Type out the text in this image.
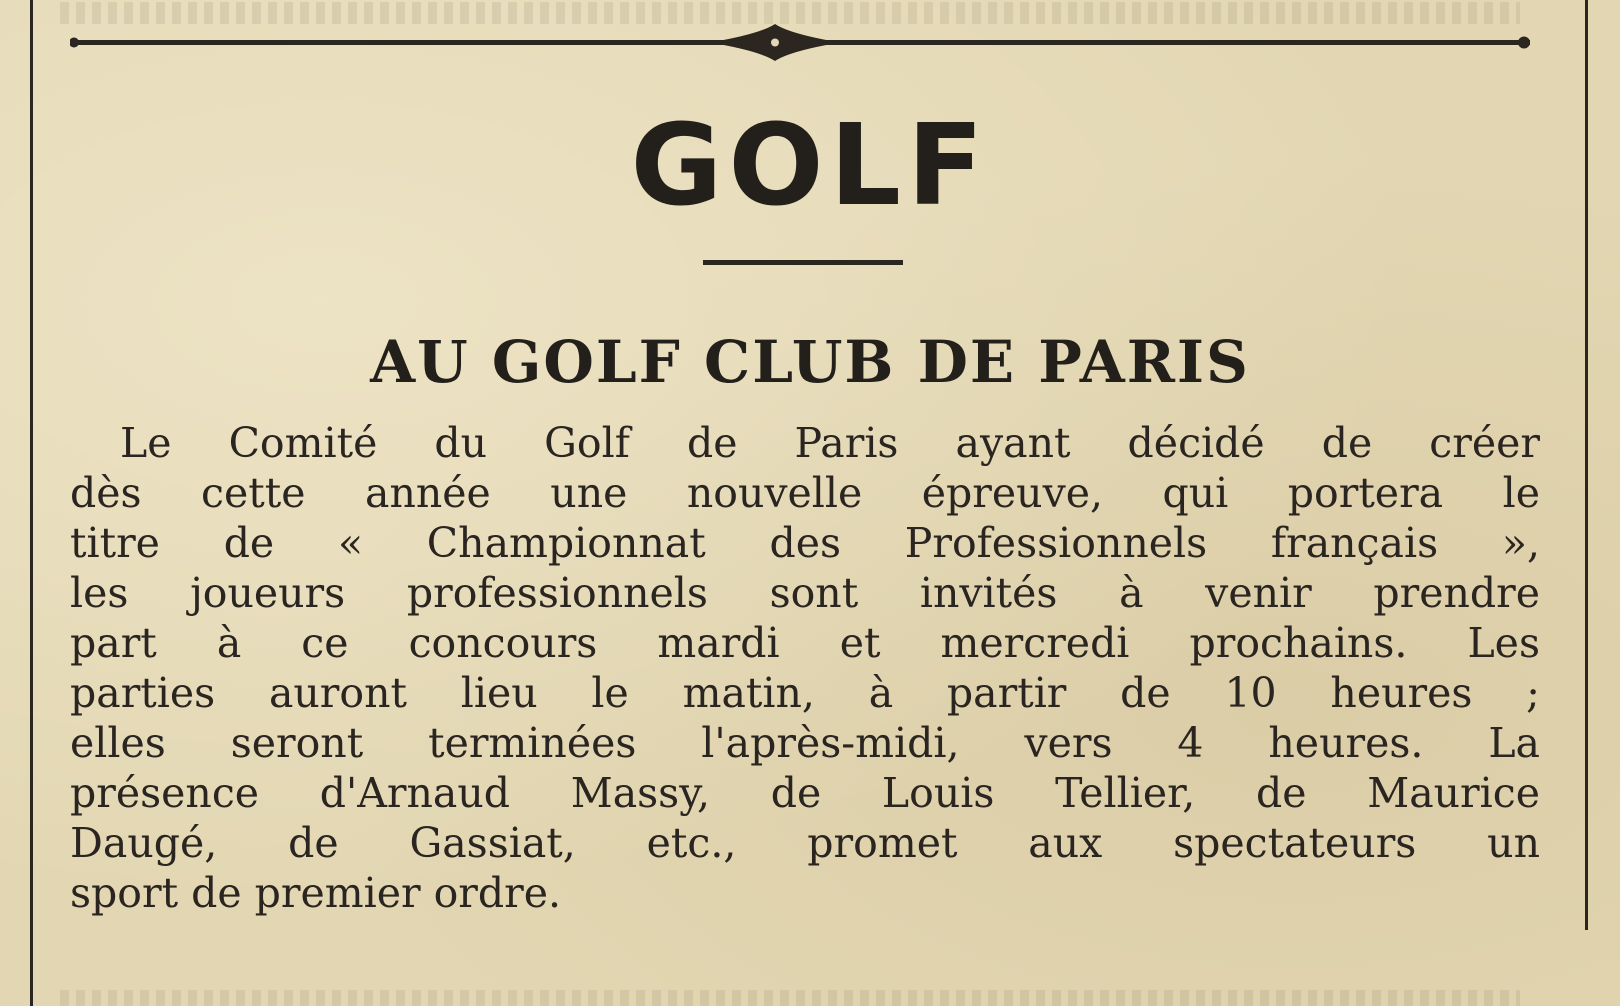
GOLF
AU GOLF CLUB DE PARIS
Le Comité du Golf de Paris ayant décidé de créer
dès cette année une nouvelle épreuve, qui portera le
titre de « Championnat des Professionnels français »,
les joueurs professionnels sont invités à venir prendre
part à ce concours mardi et mercredi prochains. Les
parties auront lieu le matin, à partir de 10 heures ;
elles seront terminées l'après-midi, vers 4 heures. La
présence d'Arnaud Massy, de Louis Tellier, de Maurice
Daugé, de Gassiat, etc., promet aux spectateurs un
sport de premier ordre.
